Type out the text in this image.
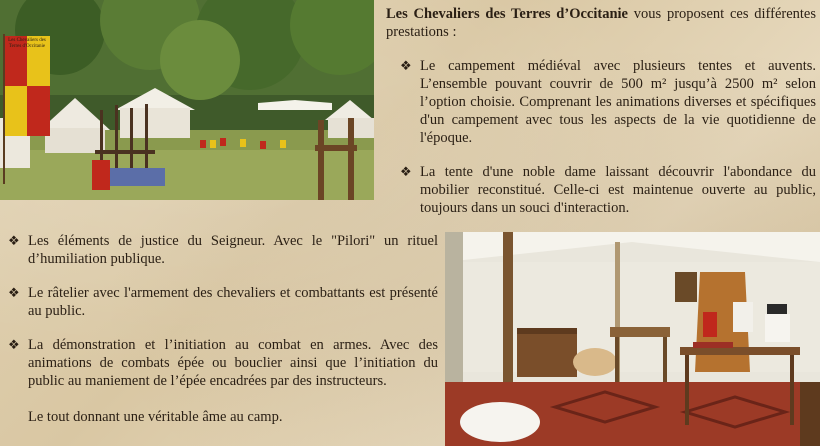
Les Chevaliers des Terres d'Occitanie
Les Chevaliers des Terres d’Occitanie vous proposent ces différentes prestations :
❖ Le campement médiéval avec plusieurs tentes et auvents. L’ensemble pouvant couvrir de 500 m² jusqu’à 2500 m² selon l’option choisie. Comprenant les animations diverses et spécifiques d'un campement avec tous les aspects de la vie quotidienne de l'époque.
❖ La tente d'une noble dame laissant découvrir l'abondance du mobilier reconstitué. Celle-ci est maintenue ouverte au public, toujours dans un souci d'interaction.
❖ Les éléments de justice du Seigneur. Avec le "Pilori" un rituel d’humiliation publique.
❖ Le râtelier avec l'armement des chevaliers et combattants est présenté au public.
❖ La démonstration et l’initiation au combat en armes. Avec des animations de combats épée ou bouclier ainsi que l’initiation du public au maniement de l’épée encadrées par des instructeurs.
Le tout donnant une véritable âme au camp.
